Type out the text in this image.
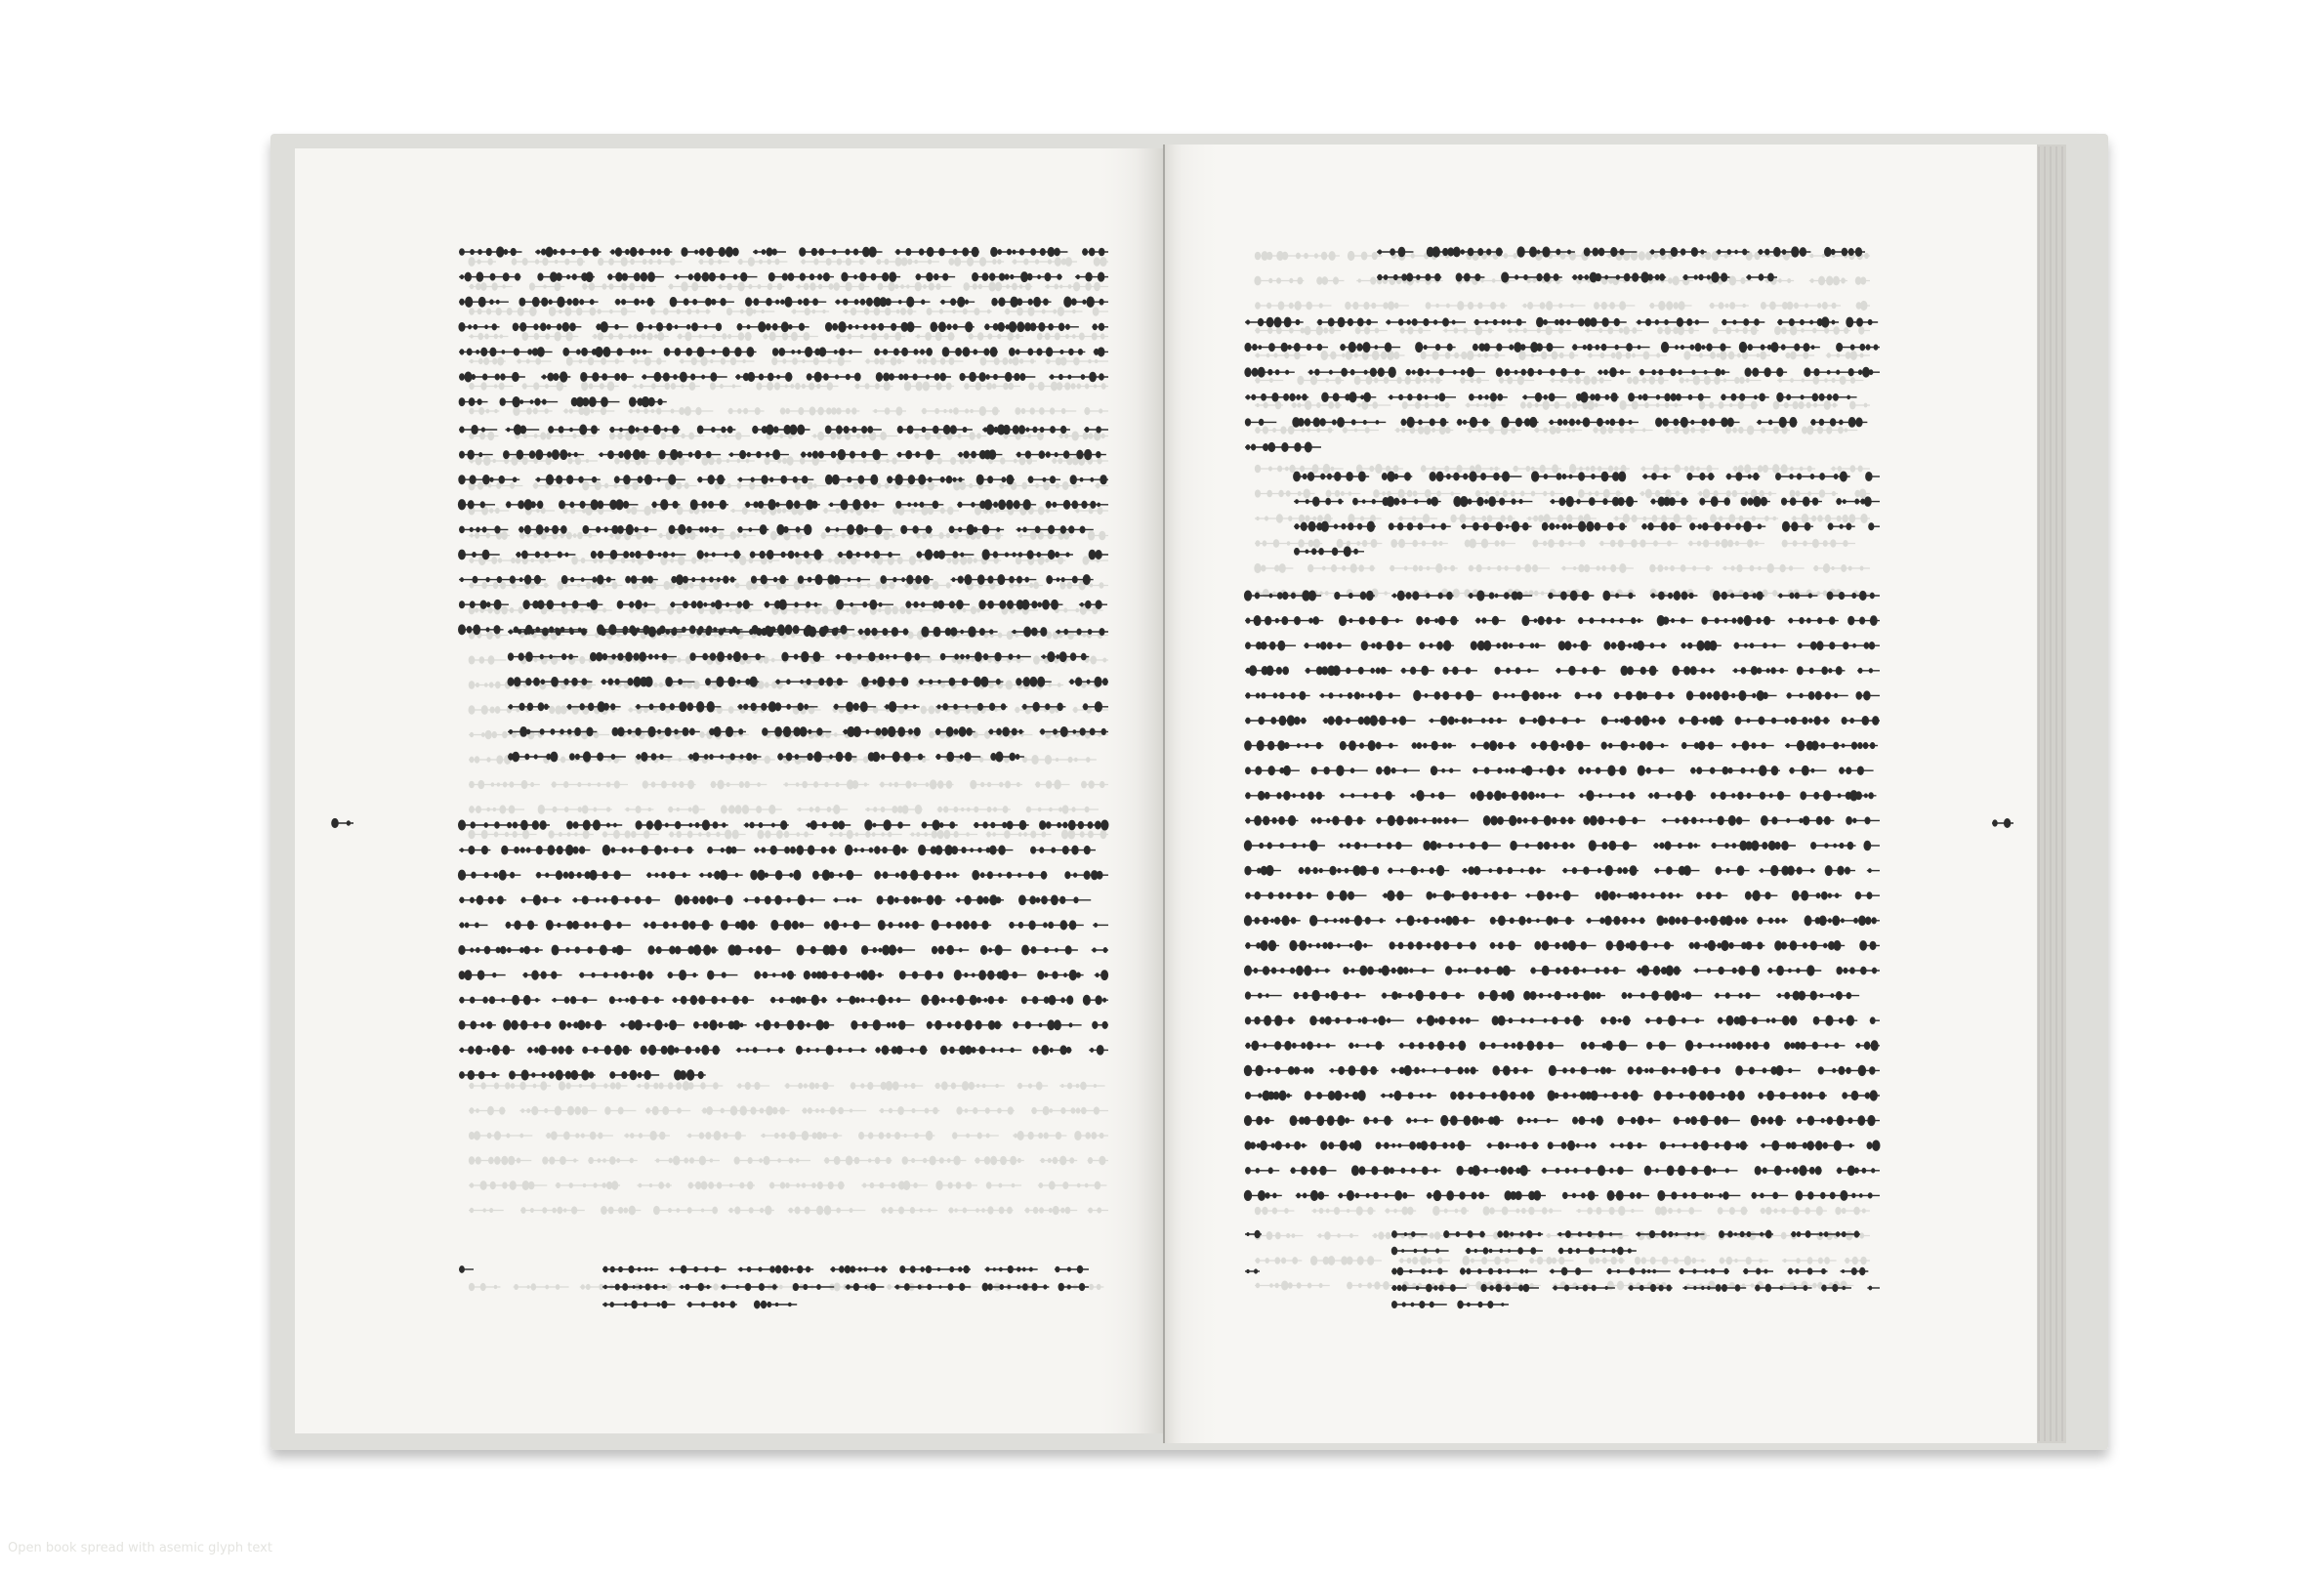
Open book spread with asemic glyph text
